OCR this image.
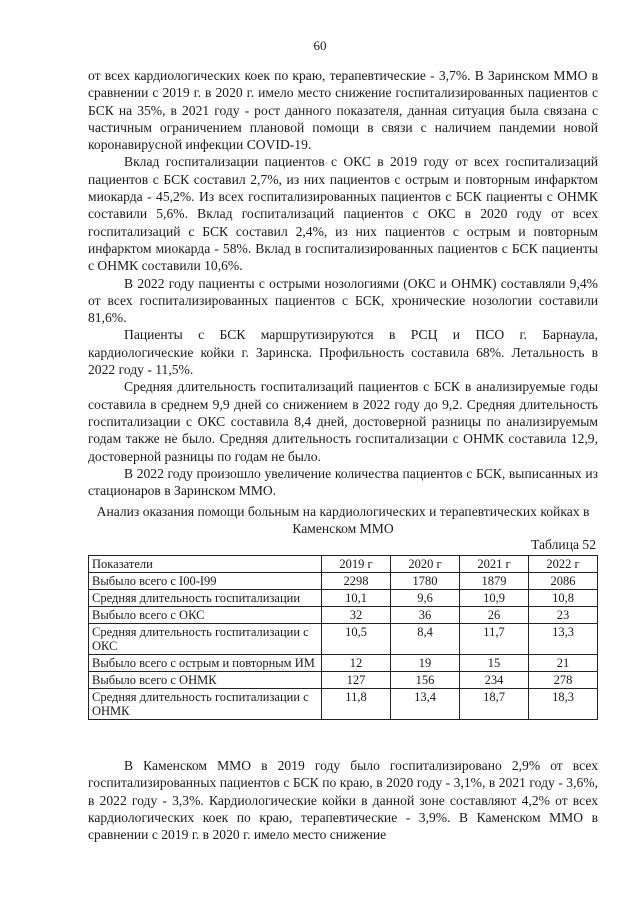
60

от всех кардиологических коек по краю, терапевтические - 3,7%. В Заринском ММО в сравнении с 2019 г. в 2020 г. имело место снижение госпитализированных пациентов с БСК на 35%, в 2021 году - рост данного показателя, данная ситуация была связана с частичным ограничением плановой помощи в связи с наличием пандемии новой коронавирусной инфекции COVID-19.

Вклад госпитализации пациентов с ОКС в 2019 году от всех госпитализаций пациентов с БСК составил 2,7%, из них пациентов с острым и повторным инфарктом миокарда - 45,2%. Из всех госпитализированных пациентов с БСК пациенты с ОНМК составили 5,6%. Вклад госпитализаций пациентов с ОКС в 2020 году от всех госпитализаций с БСК составил 2,4%, из них пациентов с острым и повторным инфарктом миокарда - 58%. Вклад в госпитализированных пациентов с БСК пациенты с ОНМК составили 10,6%.

В 2022 году пациенты с острыми нозологиями (ОКС и ОНМК) составляли 9,4% от всех госпитализированных пациентов с БСК, хронические нозологии составили 81,6%.

Пациенты с БСК маршрутизируются в РСЦ и ПСО г. Барнаула, кардиологические койки г. Заринска. Профильность составила 68%. Летальность в 2022 году - 11,5%.

Средняя длительность госпитализаций пациентов с БСК в анализируемые годы составила в среднем 9,9 дней со снижением в 2022 году до 9,2. Средняя длительность госпитализации с ОКС составила 8,4 дней, достоверной разницы по анализируемым годам также не было. Средняя длительность госпитализации с ОНМК составила 12,9, достоверной разницы по годам не было.

В 2022 году произошло увеличение количества пациентов с БСК, выписанных из стационаров в Заринском ММО.

Анализ оказания помощи больным на кардиологических и терапевтических койках в Каменском ММО
Таблица 52
Показатели	2019 г	2020 г	2021 г	2022 г
Выбыло всего с I00-I99	2298	1780	1879	2086
Средняя длительность госпитализации	10,1	9,6	10,9	10,8
Выбыло всего с ОКС	32	36	26	23
Средняя длительность госпитализации с ОКС	10,5	8,4	11,7	13,3
Выбыло всего с острым и повторным ИМ	12	19	15	21
Выбыло всего с ОНМК	127	156	234	278
Средняя длительность госпитализации с ОНМК	11,8	13,4	18,7	18,3

В Каменском ММО в 2019 году было госпитализировано 2,9% от всех госпитализированных пациентов с БСК по краю, в 2020 году - 3,1%, в 2021 году - 3,6%, в 2022 году - 3,3%. Кардиологические койки в данной зоне составляют 4,2% от всех кардиологических коек по краю, терапевтические - 3,9%. В Каменском ММО в сравнении с 2019 г. в 2020 г. имело место снижение
